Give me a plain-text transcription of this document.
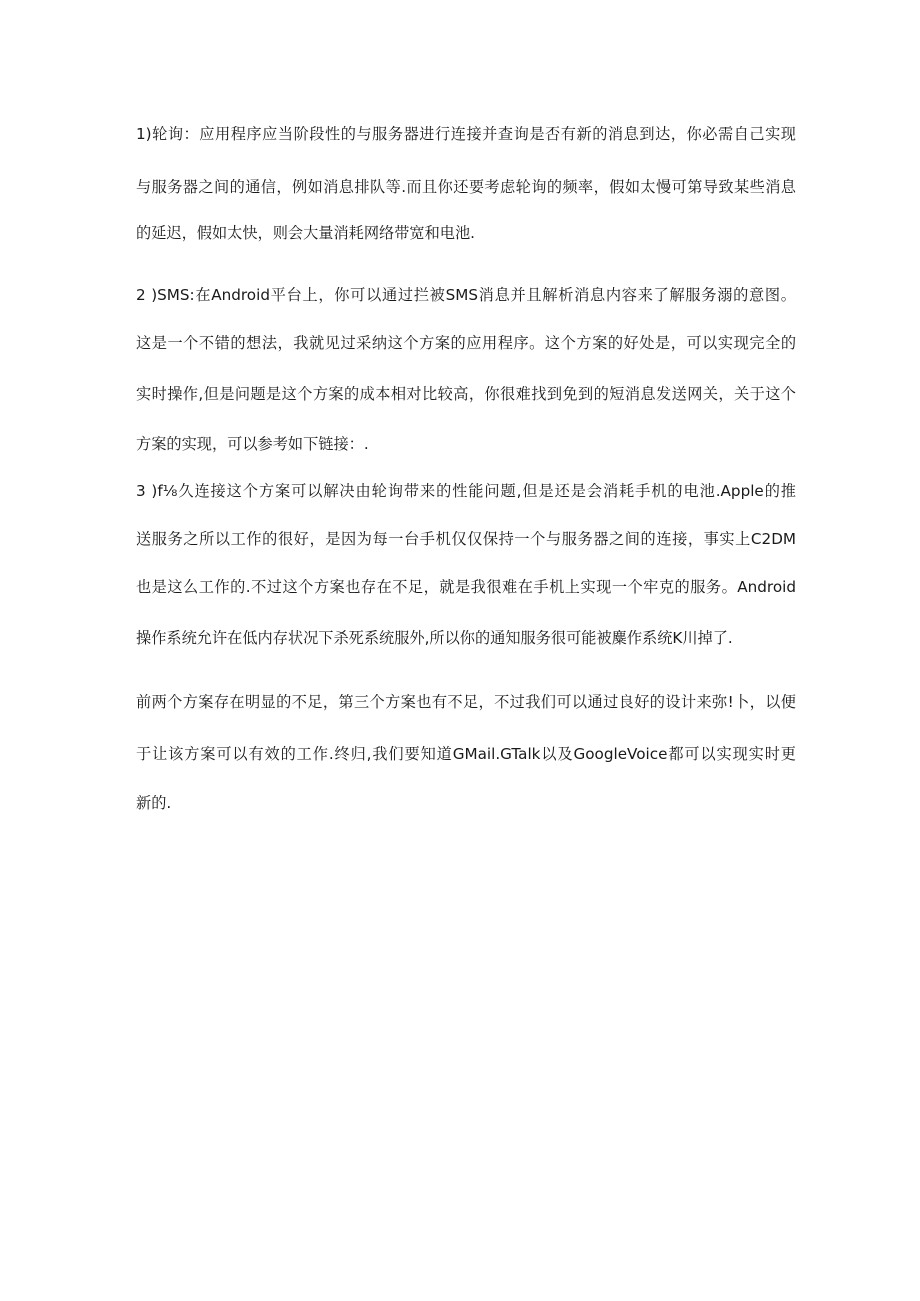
1)轮询：应用程序应当阶段性的与服务器进行连接并查询是否有新的消息到达，你必需自己实现
与服务器之间的通信，例如消息排队等.而且你还要考虑轮询的频率，假如太慢可第导致某些消息
的延迟，假如太快，则会大量消耗网络带宽和电池.
2 )SMS:在Android平台上，你可以通过拦被SMS消息并且解析消息内容来了解服务溺的意图。
这是一个不错的想法，我就见过采纳这个方案的应用程序。这个方案的好处是，可以实现完全的
实时操作,但是问题是这个方案的成本相对比较高，你很难找到免到的短消息发送网关，关于这个
方案的实现，可以参考如下链接：.
3 )f⅛久连接这个方案可以解决由轮询带来的性能问题,但是还是会消耗手机的电池.Apple的推
送服务之所以工作的很好，是因为每一台手机仅仅保持一个与服务器之间的连接，事实上C2DM
也是这么工作的.不过这个方案也存在不足，就是我很难在手机上实现一个牢克的服务。Android
操作系统允许在低内存状况下杀死系统服外,所以你的通知服务很可能被麋作系统K川掉了.
前两个方案存在明显的不足，第三个方案也有不足，不过我们可以通过良好的设计来弥!卜，以便
于让该方案可以有效的工作.终归,我们要知道GMail.GTalk以及GoogleVoice都可以实现实时更
新的.
